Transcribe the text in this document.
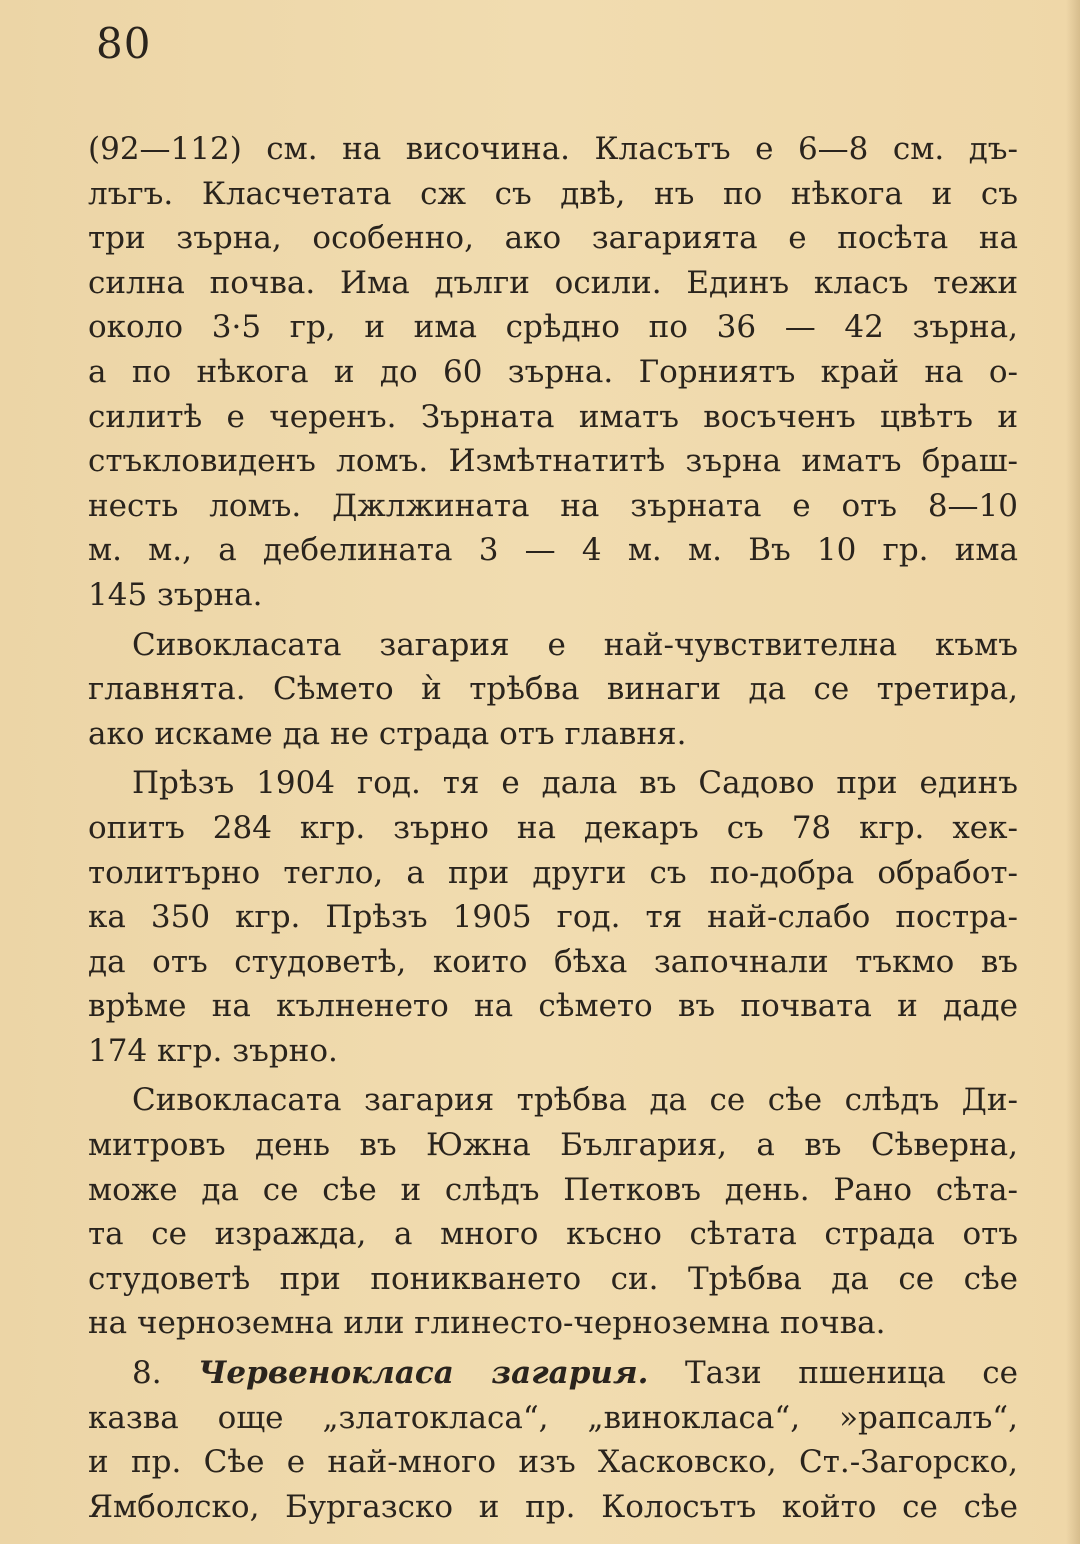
80
(92—112) см. на височина. Класътъ е 6—8 см. дъ-
лъгъ. Класчетата сж съ двѣ, нъ по нѣкога и съ
три зърна, особенно, ако загарията е посѣта на
силна почва. Има дълги осили. Единъ класъ тежи
около 3·5 гр, и има срѣдно по 36 — 42 зърна,
а по нѣкога и до 60 зърна. Горниятъ край на о-
силитѣ е черенъ. Зърната иматъ восъченъ цвѣтъ и
стъкловиденъ ломъ. Измѣтнатитѣ зърна иматъ браш-
несть ломъ. Джлжината на зърната е отъ 8—10
м. м., а дебелината 3 — 4 м. м. Въ 10 гр. има
145 зърна.
Сивокласата загария е най-чувствителна къмъ
главнята. Сѣмето ѝ трѣбва винаги да се третира,
ако искаме да не страда отъ главня.
Прѣзъ 1904 год. тя е дала въ Садово при единъ
опитъ 284 кгр. зърно на декаръ съ 78 кгр. хек-
толитърно тегло, а при други съ по-добра обработ-
ка 350 кгр. Прѣзъ 1905 год. тя най-слабо пострa-
да отъ студоветѣ, които бѣха започнали тъкмо въ
врѣме на кълненето на сѣмето въ почвата и даде
174 кгр. зърно.
Сивокласата загария трѣбва да се сѣе слѣдъ Ди-
митровъ день въ Южна България, а въ Сѣверна,
може да се сѣе и слѣдъ Петковъ день. Рано сѣта-
та се изражда, а много късно сѣтата страда отъ
студоветѣ при поникването си. Трѣбва да се сѣе
на черноземна или глинесто-черноземна почва.
8. Червенокласа загария. Тази пшеница се
казва още „златокласа“, „винокласа“, »рапсалъ“,
и пр. Сѣе е най-много изъ Хасковско, Ст.-Загорско,
Ямболско, Бургазско и пр. Колосътъ който се сѣе
